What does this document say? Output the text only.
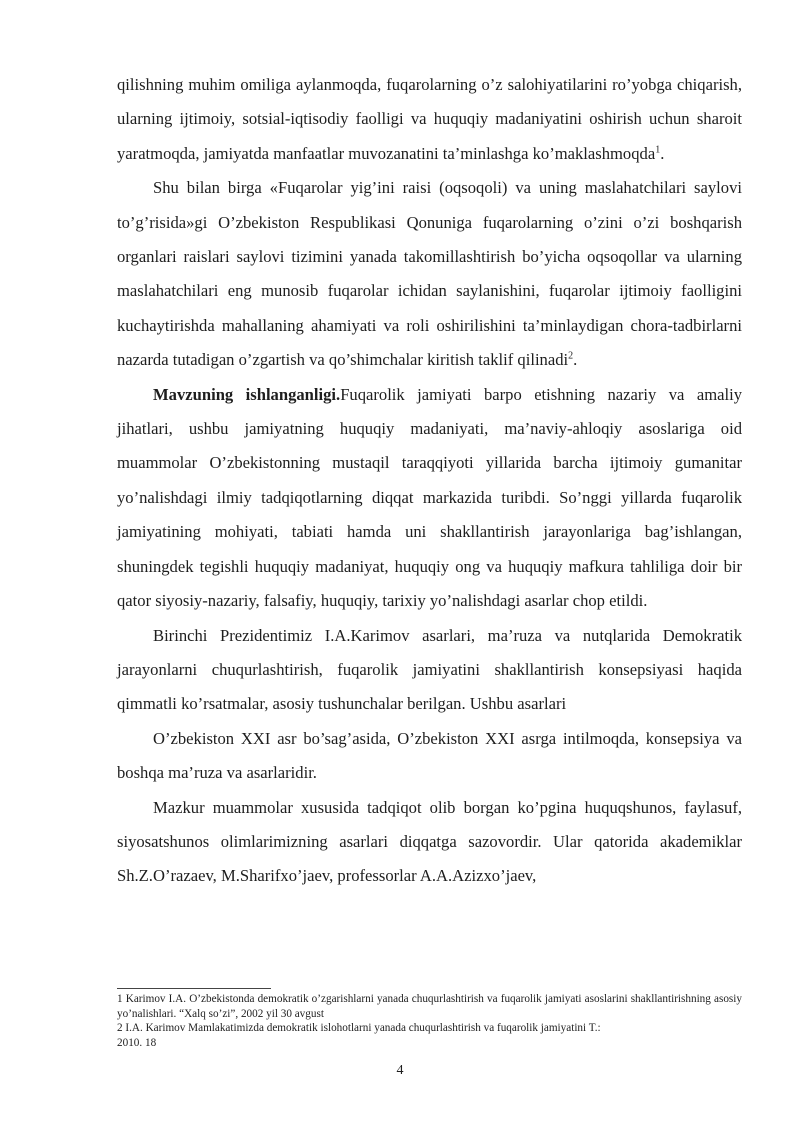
qilishning muhim omiliga aylanmoqda, fuqarolarning o’z salohiyatilarini ro’yobga chiqarish, ularning ijtimoiy, sotsial-iqtisodiy faolligi va huquqiy madaniyatini oshirish uchun sharoit yaratmoqda, jamiyatda manfaatlar muvozanatini ta’minlashga ko’maklashmoqda$^1$.

Shu bilan birga «Fuqarolar yig’ini raisi (oqsoqoli) va uning maslahatchilari saylovi to’g’risida»gi O’zbekiston Respublikasi Qonuniga fuqarolarning o’zini o’zi boshqarish organlari raislari saylovi tizimini yanada takomillashtirish bo’yicha oqsoqollar va ularning maslahatchilari eng munosib fuqarolar ichidan saylanishini, fuqarolar ijtimoiy faolligini kuchaytirishda mahallaning ahamiyati va roli oshirilishini ta’minlaydigan chora-tadbirlarni nazarda tutadigan o’zgartish va qo’shimchalar kiritish taklif qilinadi$^2$.

Mavzuning ishlanganligi.Fuqarolik jamiyati barpo etishning nazariy va amaliy jihatlari, ushbu jamiyatning huquqiy madaniyati, ma’naviy-ahloqiy asoslariga oid muammolar O’zbekistonning mustaqil taraqqiyoti yillarida barcha ijtimoiy gumanitar yo’nalishdagi ilmiy tadqiqotlarning diqqat markazida turibdi. So’nggi yillarda fuqarolik jamiyatining mohiyati, tabiati hamda uni shakllantirish jarayonlariga bag’ishlangan, shuningdek tegishli huquqiy madaniyat, huquqiy ong va huquqiy mafkura tahliliga doir bir qator siyosiy-nazariy, falsafiy, huquqiy, tarixiy yo’nalishdagi asarlar chop etildi.

Birinchi Prezidentimiz I.A.Karimov asarlari, ma’ruza va nutqlarida Demokratik jarayonlarni chuqurlashtirish, fuqarolik jamiyatini shakllantirish konsepsiyasi haqida qimmatli ko’rsatmalar, asosiy tushunchalar berilgan. Ushbu asarlari

O’zbekiston XXI asr bo’sag’asida, O’zbekiston XXI asrga intilmoqda, konsepsiya va boshqa ma’ruza va asarlaridir.

Mazkur muammolar xususida tadqiqot olib borgan ko’pgina huquqshunos, faylasuf, siyosatshunos olimlarimizning asarlari diqqatga sazovordir. Ular qatorida akademiklar Sh.Z.O’razaev, M.Sharifxo’jaev, professorlar A.A.Azizxo’jaev,

1 Karimov I.A. O’zbekistonda demokratik o’zgarishlarni yanada chuqurlashtirish va fuqarolik jamiyati asoslarini shakllantirishning asosiy yo’nalishlari. “Xalq so’zi”, 2002 yil 30 avgust

2 I.A. Karimov Mamlakatimizda demokratik islohotlarni yanada chuqurlashtirish va fuqarolik jamiyatini T.:

2010. 18

4
